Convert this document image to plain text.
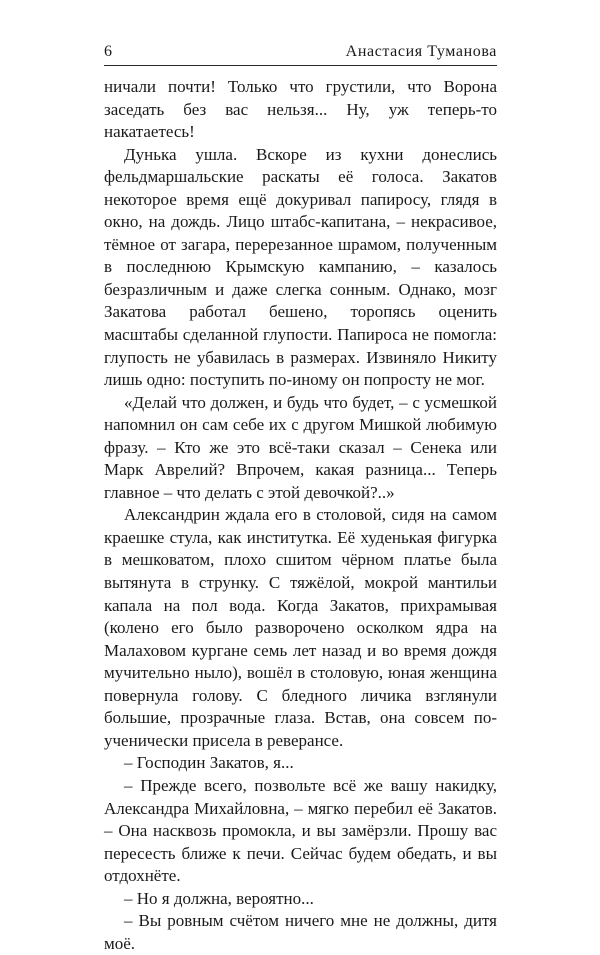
6	Анастасия Туманова

ничали почти! Только что грустили, что Ворона заседать без вас нельзя... Ну, уж теперь-то накатаетесь!

Дунька ушла. Вскоре из кухни донеслись фельдмаршальские раскаты её голоса. Закатов некоторое время ещё докуривал папиросу, глядя в окно, на дождь. Лицо штабс-капитана, – некрасивое, тёмное от загара, перерезанное шрамом, полученным в последнюю Крымскую кампанию, – казалось безразличным и даже слегка сонным. Однако, мозг Закатова работал бешено, торопясь оценить масштабы сделанной глупости. Папироса не помогла: глупость не убавилась в размерах. Извиняло Никиту лишь одно: поступить по-иному он попросту не мог.

«Делай что должен, и будь что будет, – с усмешкой напомнил он сам себе их с другом Мишкой любимую фразу. – Кто же это всё-таки сказал – Сенека или Марк Аврелий? Впрочем, какая разница... Теперь главное – что делать с этой девочкой?..»

Александрин ждала его в столовой, сидя на самом краешке стула, как институтка. Её худенькая фигурка в мешковатом, плохо сшитом чёрном платье была вытянута в струнку. С тяжёлой, мокрой мантильи капала на пол вода. Когда Закатов, прихрамывая (колено его было разворочено осколком ядра на Малаховом кургане семь лет назад и во время дождя мучительно ныло), вошёл в столовую, юная женщина повернула голову. С бледного личика взглянули большие, прозрачные глаза. Встав, она совсем по-ученически присела в реверансе.

– Господин Закатов, я...

– Прежде всего, позвольте всё же вашу накидку, Александра Михайловна, – мягко перебил её Закатов. – Она насквозь промокла, и вы замёрзли. Прошу вас пересесть ближе к печи. Сейчас будем обедать, и вы отдохнёте.

– Но я должна, вероятно...

– Вы ровным счётом ничего мне не должны, дитя моё.
